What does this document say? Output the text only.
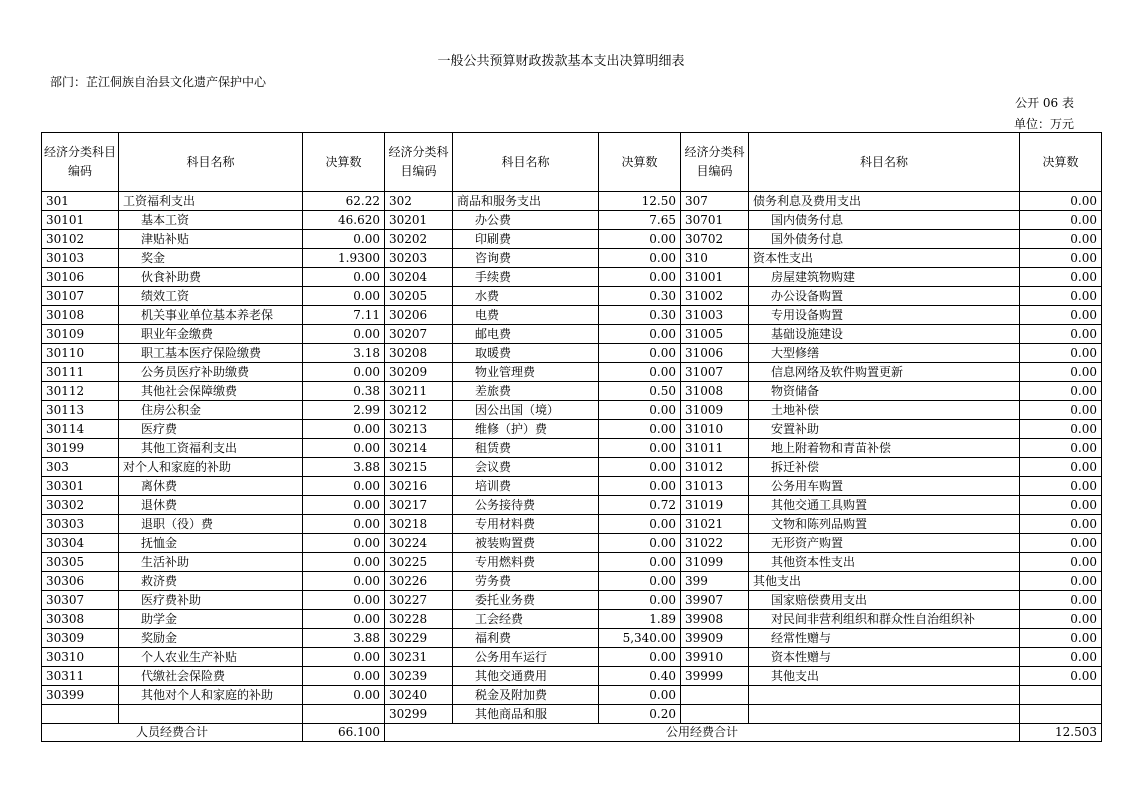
一般公共预算财政拨款基本支出决算明细表
部门：芷江侗族自治县文化遗产保护中心
公开 06 表
单位：万元
经济分类科目编码	科目名称	决算数	经济分类科目编码	科目名称	决算数	经济分类科目编码	科目名称	决算数
301	工资福利支出	62.22	302	商品和服务支出	12.50	307	债务利息及费用支出	0.00
30101	基本工资	46.620	30201	办公费	7.65	30701	国内债务付息	0.00
30102	津贴补贴	0.00	30202	印刷费	0.00	30702	国外债务付息	0.00
30103	奖金	1.9300	30203	咨询费	0.00	310	资本性支出	0.00
30106	伙食补助费	0.00	30204	手续费	0.00	31001	房屋建筑物购建	0.00
30107	绩效工资	0.00	30205	水费	0.30	31002	办公设备购置	0.00
30108	机关事业单位基本养老保	7.11	30206	电费	0.30	31003	专用设备购置	0.00
30109	职业年金缴费	0.00	30207	邮电费	0.00	31005	基础设施建设	0.00
30110	职工基本医疗保险缴费	3.18	30208	取暖费	0.00	31006	大型修缮	0.00
30111	公务员医疗补助缴费	0.00	30209	物业管理费	0.00	31007	信息网络及软件购置更新	0.00
30112	其他社会保障缴费	0.38	30211	差旅费	0.50	31008	物资储备	0.00
30113	住房公积金	2.99	30212	因公出国（境）	0.00	31009	土地补偿	0.00
30114	医疗费	0.00	30213	维修（护）费	0.00	31010	安置补助	0.00
30199	其他工资福利支出	0.00	30214	租赁费	0.00	31011	地上附着物和青苗补偿	0.00
303	对个人和家庭的补助	3.88	30215	会议费	0.00	31012	拆迁补偿	0.00
30301	离休费	0.00	30216	培训费	0.00	31013	公务用车购置	0.00
30302	退休费	0.00	30217	公务接待费	0.72	31019	其他交通工具购置	0.00
30303	退职（役）费	0.00	30218	专用材料费	0.00	31021	文物和陈列品购置	0.00
30304	抚恤金	0.00	30224	被装购置费	0.00	31022	无形资产购置	0.00
30305	生活补助	0.00	30225	专用燃料费	0.00	31099	其他资本性支出	0.00
30306	救济费	0.00	30226	劳务费	0.00	399	其他支出	0.00
30307	医疗费补助	0.00	30227	委托业务费	0.00	39907	国家赔偿费用支出	0.00
30308	助学金	0.00	30228	工会经费	1.89	39908	对民间非营利组织和群众性自治组织补	0.00
30309	奖励金	3.88	30229	福利费	5,340.00	39909	经常性赠与	0.00
30310	个人农业生产补贴	0.00	30231	公务用车运行	0.00	39910	资本性赠与	0.00
30311	代缴社会保险费	0.00	30239	其他交通费用	0.40	39999	其他支出	0.00
30399	其他对个人和家庭的补助	0.00	30240	税金及附加费	0.00			
			30299	其他商品和服	0.20			
人员经费合计		66.100	公用经费合计					12.503
